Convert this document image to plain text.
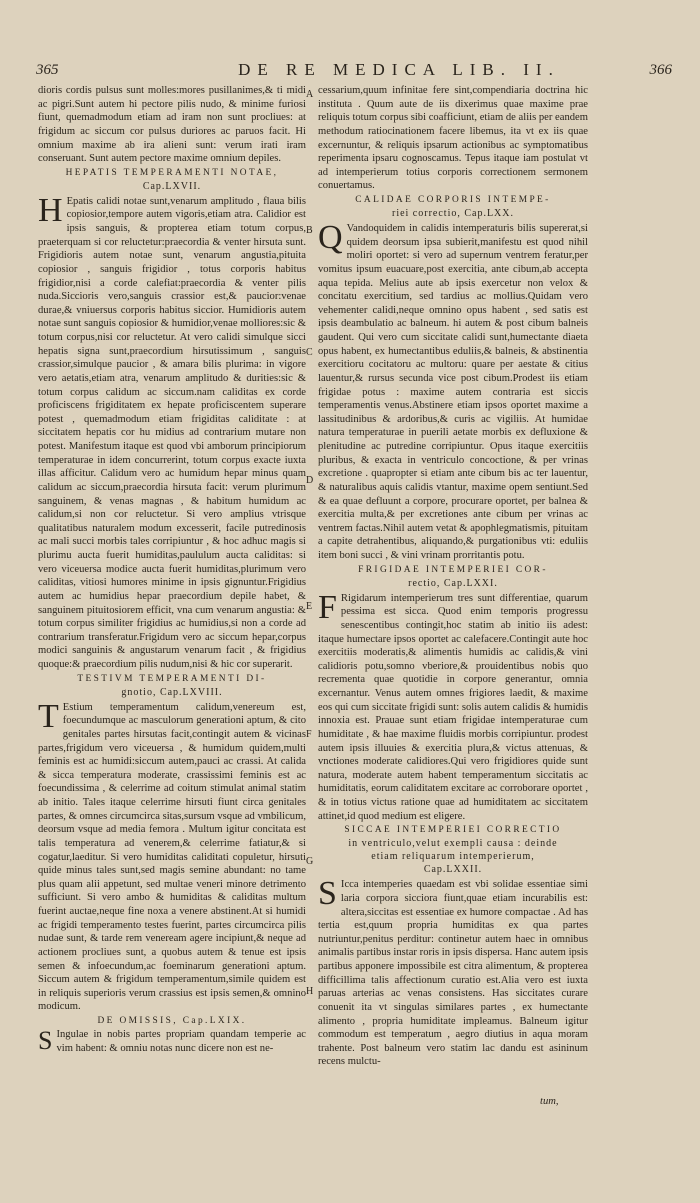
365	DE RE MEDICA LIB. II.	366
A
B
C
D
E
F
G
H

dioris cordis pulsus sunt molles:mores pusillanimes,& ti midi ac pigri.Sunt autem hi pectore pilis nudo, & minime furiosi fiunt, quemadmodum etiam ad iram non sunt procliues: at frigidum ac siccum cor pulsus duriores ac paruos facit. Hi omnium maxime ab ira alieni sunt: verum irati iram conseruant. Sunt autem pectore maxime omnium depiles.

HEPATIS TEMPERAMENTI NOTAE,
Cap.LXVII.

H Epatis calidi notae sunt,venarum amplitudo , flaua bilis copiosior,tempore autem vigoris,etiam atra. Calidior est ipsis sanguis, & propterea etiam totum corpus, praeterquam si cor reluctetur:praecordia & venter hirsuta sunt. Frigidioris autem notae sunt, venarum angustia,pituita copiosior , sanguis frigidior , totus corporis habitus frigidior,nisi a corde calefiat:praecordia & venter pilis nuda.Siccioris vero,sanguis crassior est,& paucior:venae durae,& vniuersus corporis habitus siccior. Humidioris autem notae sunt sanguis copiosior & humidior,venae molliores:sic & totum corpus,nisi cor reluctetur. At vero calidi simulque sicci hepatis signa sunt,praecordium hirsutissimum , sanguis crassior,simulque paucior , & amara bilis plurima: in vigore vero aetatis,etiam atra, venarum amplitudo & durities:sic & totum corpus calidum ac siccum.nam caliditas ex corde proficiscens frigiditatem ex hepate proficiscentem superare potest , quemadmodum etiam frigiditas caliditate : at siccitatem hepatis cor hu midius ad contrarium mutare non potest. Manifestum itaque est quod vbi amborum principiorum temperaturae in idem concurrerint, totum corpus exacte iuxta illas afficitur. Calidum vero ac humidum hepar minus quam calidum ac siccum,praecordia hirsuta facit: verum plurimum sanguinem, & venas magnas , & habitum humidum ac calidum,si non cor reluctetur. Si vero amplius vtrisque qualitatibus naturalem modum excesserit, facile putredinosis ac mali succi morbis tales corripiuntur , & hoc adhuc magis si plurimu aucta fuerit humiditas,paululum aucta caliditas: si vero viceuersa modice aucta fuerit humiditas,plurimum vero caliditas, vitiosi humores minime in ipsis gignuntur.Frigidius autem ac humidius hepar praecordium depile habet, & sanguinem pituitosiorem efficit, vna cum venarum angustia: & totum corpus similiter frigidius ac humidius,si non a corde ad contrarium transferatur.Frigidum vero ac siccum hepar,corpus modici sanguinis & angustarum venarum facit , & frigidius quoque:& praecordium pilis nudum,nisi & hic cor superarit.

TESTIVM TEMPERAMENTI DI-
gnotio, Cap.LXVIII.

T Estium temperamentum calidum,venereum est, foecundumque ac masculorum generationi aptum, & cito genitales partes hirsutas facit,contingit autem & vicinas partes,frigidum vero viceuersa , & humidum quidem,multi feminis est ac humidi:siccum autem,pauci ac crassi. At calida & sicca temperatura moderate, crassissimi feminis est ac foecundissima , & celerrime ad coitum stimulat animal statim ab initio. Tales itaque celerrime hirsuti fiunt circa genitales partes, & omnes circumcirca sitas,sursum vsque ad vmbilicum, deorsum vsque ad media femora . Multum igitur concitata est talis temperatura ad venerem,& celerrime fatiatur,& si cogatur,laeditur. Si vero humiditas caliditati copuletur, hirsuti quide minus tales sunt,sed magis semine abundant: no tame plus quam alii appetunt, sed multae veneri minore detrimento sufficiunt. Si vero ambo & humiditas & caliditas multum fuerint auctae,neque fine noxa a venere abstinent.At si humidi ac frigidi temperamento testes fuerint, partes circumcirca pilis nudae sunt, & tarde rem veneream agere incipiunt,& neque ad actionem procliues sunt, a quobus autem & tenue est ipsis semen & infoecundum,ac foeminarum generationi aptum. Siccum autem & frigidum temperamentum,simile quidem est in reliquis superioris verum crassius est ipsis semen,& omnino modicum.

DE OMISSIS, Cap.LXIX.

S Ingulae in nobis partes propriam quandam temperie ac vim habent: & omniu notas nunc dicere non est ne-

cessarium,quum infinitae fere sint,compendiaria doctrina hic instituta . Quum aute de iis dixerimus quae maxime prae reliquis totum corpus sibi coafficiunt, etiam de aliis per eandem methodum ratiocinationem facere libemus, ita vt ex iis quae excernuntur, & reliquis ipsarum actionibus ac symptomatibus reperimenta ipsaru cognoscamus. Tepus itaque iam postulat vt ad intemperierum totius corporis correctionem sermonem conuertamus.

CALIDAE CORPORIS INTEMPE-
riei correctio, Cap.LXX.

Q Vandoquidem in calidis intemperaturis bilis supererat,si quidem deorsum ipsa subierit,manifestu est quod nihil moliri oportet: si vero ad supernum ventrem feratur,per vomitus ipsum euacuare,post exercitia, ante cibum,ab accepta aqua tepida. Melius aute ab ipsis exercetur non velox & concitatu exercitium, sed tardius ac mollius.Quidam vero vehementer calidi,neque omnino opus habent , sed satis est ipsis deambulatio ac balneum. hi autem & post cibum balneis gaudent. Qui vero cum siccitate calidi sunt,humectante diaeta opus habent, ex humectantibus eduliis,& balneis, & abstinentia exercitioru cocitatoru ac multoru: quare per aestate & citius lauentur,& rursus secunda vice post cibum.Prodest iis etiam frigidae potus : maxime autem contraria est siccis temperamentis venus.Abstinere etiam ipsos oportet maxime a lassitudinibus & ardoribus,& curis ac vigiliis. At humidae natura temperaturae in puerili aetate morbis ex defluxione & plenitudine ac putredine corripiuntur. Opus itaque exercitiis pluribus, & exacta in ventriculo concoctione, & per vrinas excretione . quapropter si etiam ante cibum bis ac ter lauentur, & naturalibus aquis calidis vtantur, maxime opem sentiunt.Sed & ea quae defluunt a corpore, procurare oportet, per balnea & exercitia multa,& per excretiones ante cibum per vrinas ac ventrem factas.Nihil autem vetat & apophlegmatismis, pituitam a capite detrahentibus, aliquando,& purgationibus vti: eduliis item boni succi , & vini vrinam prorritantis potu.

FRIGIDAE INTEMPERIEI COR-
rectio, Cap.LXXI.

F Rigidarum intemperierum tres sunt differentiae, quarum pessima est sicca. Quod enim temporis progressu senescentibus contingit,hoc statim ab initio iis adest: itaque humectare ipsos oportet ac calefacere.Contingit aute hoc exercitiis moderatis,& alimentis humidis ac calidis,& vini calidioris potu,somno vberiore,& prouidentibus nobis quo recrementa quae quotidie in corpore generantur, omnia excernantur. Venus autem omnes frigiores laedit, & maxime eos qui cum siccitate frigidi sunt: solis autem calidis & humidis innoxia est. Prauae sunt etiam frigidae intemperaturae cum humiditate , & hae maxime fluidis morbis corripiuntur. prodest autem ipsis illuuies & exercitia plura,& victus attenuas, & vnctiones moderate calidiores.Qui vero frigidiores quide sunt natura, moderate autem habent temperamentum siccitatis ac humiditatis, eorum caliditatem excitare ac corroborare oportet , & in totius victus ratione quae ad humiditatem ac siccitatem attinet,id quod medium est eligere.

SICCAE INTEMPERIEI CORRECTIO
in ventriculo,velut exempli causa : deinde
etiam reliquarum intemperierum,
Cap.LXXII.

S Icca intemperies quaedam est vbi solidae essentiae simi laria corpora sicciora fiunt,quae etiam incurabilis est: altera,siccitas est essentiae ex humore compactae . Ad has tertia est,quum propria humiditas ex qua partes nutriuntur,penitus perditur: continetur autem haec in omnibus animalis partibus instar roris in ipsis dispersa. Hanc autem ipsis partibus apponere impossibile est citra alimentum, & propterea difficillima talis affectionum curatio est.Alia vero est iuxta paruas arterias ac venas consistens. Has siccitates curare conuenit ita vt singulas similares partes , ex humectante alimento , propria humiditate impleamus. Balneum igitur commodum est temperatum , aegro diutius in aqua moram trahente. Post balneum vero statim lac dandu est asininum recens mulctu-

tum,
